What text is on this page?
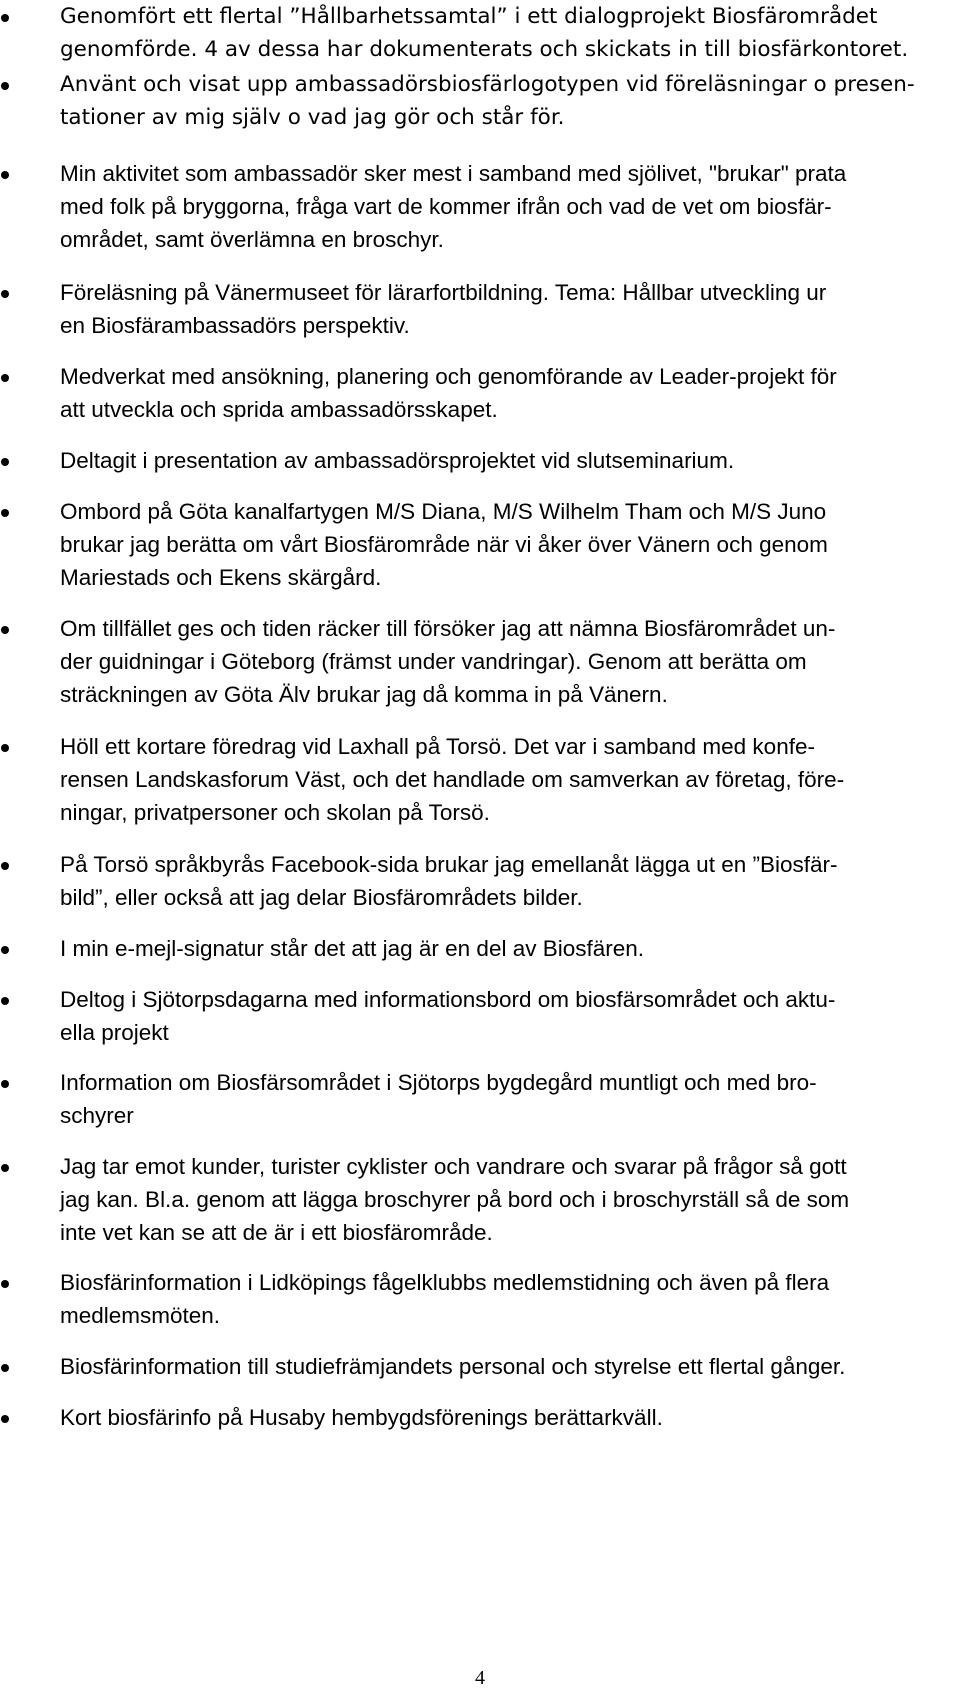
Genomfört ett flertal ”Hållbarhetssamtal” i ett dialogprojekt Biosfärområdet
genomförde. 4 av dessa har dokumenterats och skickats in till biosfärkontoret.

Använt och visat upp ambassadörsbiosfärlogotypen vid föreläsningar o presen-
tationer av mig själv o vad jag gör och står för.

Min aktivitet som ambassadör sker mest i samband med sjölivet, "brukar" prata
med folk på bryggorna, fråga vart de kommer ifrån och vad de vet om biosfär-
området, samt överlämna en broschyr.

Föreläsning på Vänermuseet för lärarfortbildning. Tema: Hållbar utveckling ur
en Biosfärambassadörs perspektiv.

Medverkat med ansökning, planering och genomförande av Leader-projekt för
att utveckla och sprida ambassadörsskapet.

Deltagit i presentation av ambassadörsprojektet vid slutseminarium.

Ombord på Göta kanalfartygen M/S Diana, M/S Wilhelm Tham och M/S Juno
brukar jag berätta om vårt Biosfärområde när vi åker över Vänern och genom
Mariestads och Ekens skärgård.

Om tillfället ges och tiden räcker till försöker jag att nämna Biosfärområdet un-
der guidningar i Göteborg (främst under vandringar). Genom att berätta om
sträckningen av Göta Älv brukar jag då komma in på Vänern.

Höll ett kortare föredrag vid Laxhall på Torsö. Det var i samband med konfe-
rensen Landskasforum Väst, och det handlade om samverkan av företag, före-
ningar, privatpersoner och skolan på Torsö.

På Torsö språkbyrås Facebook-sida brukar jag emellanåt lägga ut en ”Biosfär-
bild”, eller också att jag delar Biosfärområdets bilder.

I min e-mejl-signatur står det att jag är en del av Biosfären.

Deltog i Sjötorpsdagarna med informationsbord om biosfärsområdet och aktu-
ella projekt

Information om Biosfärsområdet i Sjötorps bygdegård muntligt och med bro-
schyrer

Jag tar emot kunder, turister cyklister och vandrare och svarar på frågor så gott
jag kan. Bl.a. genom att lägga broschyrer på bord och i broschyrställ så de som
inte vet kan se att de är i ett biosfärområde.

Biosfärinformation i Lidköpings fågelklubbs medlemstidning och även på flera
medlemsmöten.

Biosfärinformation till studiefrämjandets personal och styrelse ett flertal gånger.

Kort biosfärinfo på Husaby hembygdsförenings berättarkväll.

4
